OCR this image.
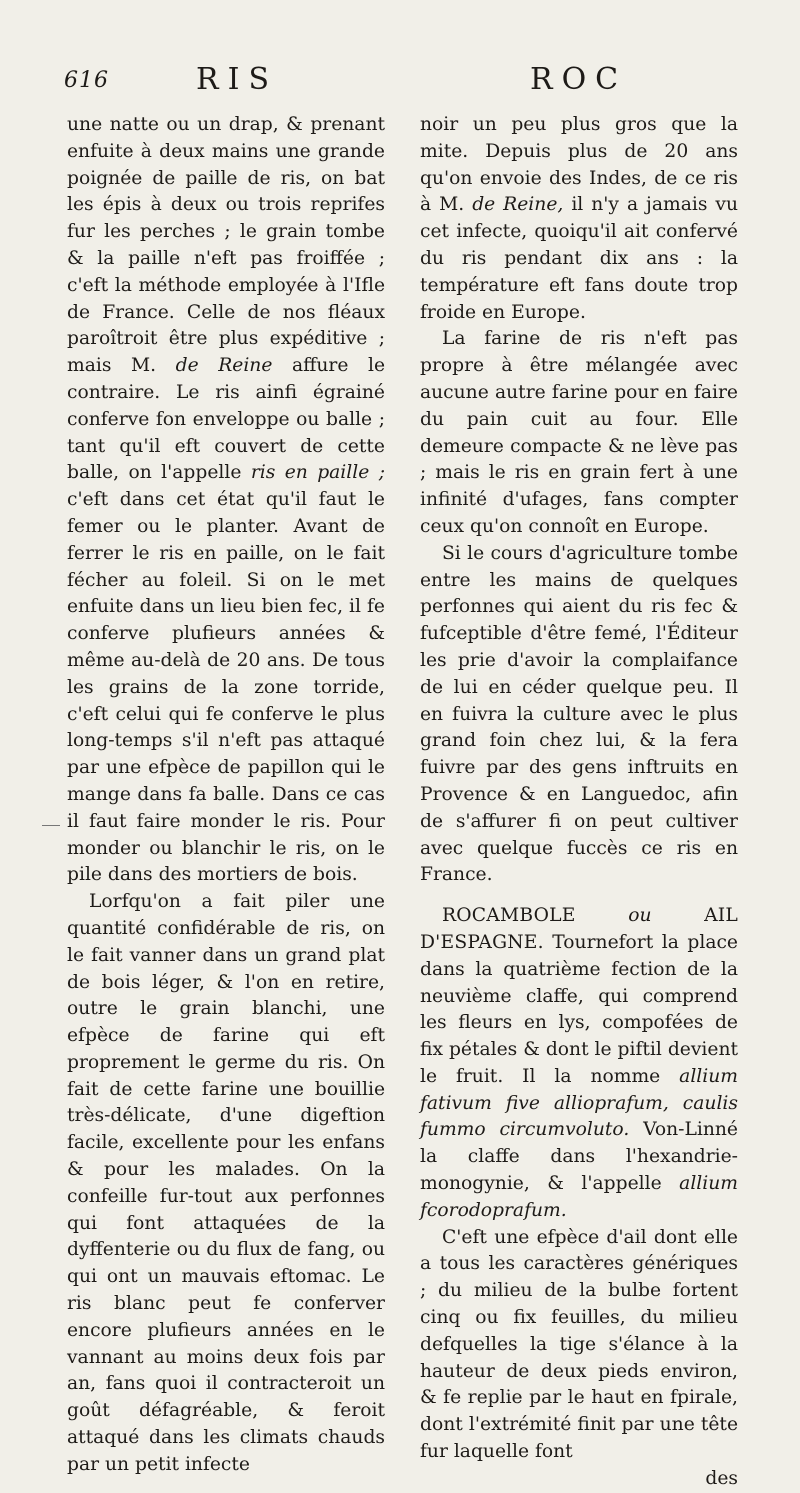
616	RIS	ROC

une natte ou un drap, & prenant enfuite à deux mains une grande poignée de paille de ris, on bat les épis à deux ou trois reprifes fur les perches ; le grain tombe & la paille n'eft pas froiffée ; c'eft la méthode employée à l'Ifle de France. Celle de nos fléaux paroîtroit être plus expéditive ; mais M. de Reine affure le contraire. Le ris ainfi égrainé conferve fon enveloppe ou balle ; tant qu'il eft couvert de cette balle, on l'appelle ris en paille ; c'eft dans cet état qu'il faut le femer ou le planter. Avant de ferrer le ris en paille, on le fait fécher au foleil. Si on le met enfuite dans un lieu bien fec, il fe conferve plufieurs années & même au-delà de 20 ans. De tous les grains de la zone torride, c'eft celui qui fe conferve le plus long-temps s'il n'eft pas attaqué par une efpèce de papillon qui le mange dans fa balle. Dans ce cas il faut faire monder le ris. Pour monder ou blanchir le ris, on le pile dans des mortiers de bois.

Lorfqu'on a fait piler une quantité confidérable de ris, on le fait vanner dans un grand plat de bois léger, & l'on en retire, outre le grain blanchi, une efpèce de farine qui eft proprement le germe du ris. On fait de cette farine une bouillie très-délicate, d'une digeftion facile, excellente pour les enfans & pour les malades. On la confeille fur-tout aux perfonnes qui font attaquées de la dyffenterie ou du flux de fang, ou qui ont un mauvais eftomac. Le ris blanc peut fe conferver encore plufieurs années en le vannant au moins deux fois par an, fans quoi il contracteroit un goût défagréable, & feroit attaqué dans les climats chauds par un petit infecte

noir un peu plus gros que la mite. Depuis plus de 20 ans qu'on envoie des Indes, de ce ris à M. de Reine, il n'y a jamais vu cet infecte, quoiqu'il ait confervé du ris pendant dix ans : la température eft fans doute trop froide en Europe.

La farine de ris n'eft pas propre à être mélangée avec aucune autre farine pour en faire du pain cuit au four. Elle demeure compacte & ne lève pas ; mais le ris en grain fert à une infinité d'ufages, fans compter ceux qu'on connoît en Europe.

Si le cours d'agriculture tombe entre les mains de quelques perfonnes qui aient du ris fec & fufceptible d'être femé, l'Éditeur les prie d'avoir la complaifance de lui en céder quelque peu. Il en fuivra la culture avec le plus grand foin chez lui, & la fera fuivre par des gens inftruits en Provence & en Languedoc, afin de s'affurer fi on peut cultiver avec quelque fuccès ce ris en France.

ROCAMBOLE	ou	AIL D'ESPAGNE. Tournefort la place dans la quatrième fection de la neuvième claffe, qui comprend les fleurs en lys, compofées de fix pétales & dont le piftil devient le fruit. Il la nomme allium fativum five allioprafum, caulis fummo circumvoluto. Von-Linné la claffe dans l'hexandrie-monogynie, & l'appelle allium fcorodoprafum.

C'eft une efpèce d'ail dont elle a tous les caractères génériques ; du milieu de la bulbe fortent cinq ou fix feuilles, du milieu defquelles la tige s'élance à la hauteur de deux pieds environ, & fe replie par le haut en fpirale, dont l'extrémité finit par une tête fur laquelle font

des
